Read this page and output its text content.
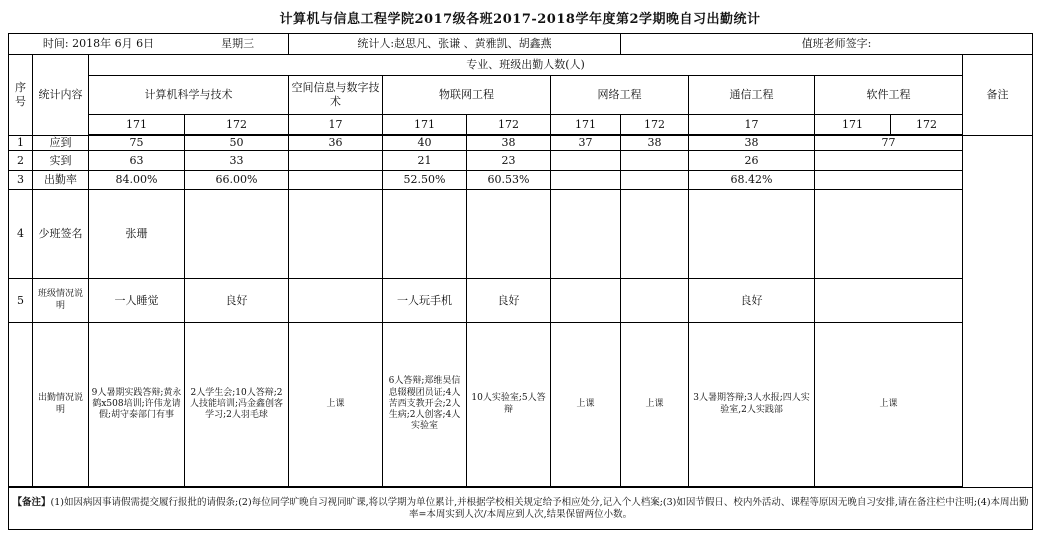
计算机与信息工程学院2017级各班2017-2018学年度第2学期晚自习出勤统计
时间: 2018年 6月 6日 星期三				统计人:赵思凡、张谦 、黄雅凯、胡鑫燕				值班老师签字:				
序号	统计内容	专业、班级出勤人数(人)										备注
		计算机科学与技术		空间信息与数字技术	物联网工程		网络工程		通信工程	软件工程		
		171	172	17	171	172	171	172	17	171	172	

1	应到	75	50	36	40	38	37	38	38	77		
2	实到	63	33		21	23			26			
3	出勤率	84.00%	66.00%		52.50%	60.53%			68.42%			
4	少班签名	张珊										
5	班级情况说明	一人睡觉	良好		一人玩手机	良好			良好			
	出勤情况说明	9人暑期实践答辩;黄永鹤x508培训;许伟龙请假;胡守泰部门有事	2人学生会;10人答辩;2人技能培训;冯金鑫创客学习;2人羽毛球	上课	6人答辩;郑维昊信息辍稷团员证;4人苦西支教开会;2人生病;2人创客;4人实验室	10人实验室;5人答辩	上课	上课	3人暑期答辩;3人水报;四人实验室,2人实践部	上课		

【备注】(1)如因病因事请假需提交履行报批的请假条;(2)每位同学旷晚自习视同旷课,将以学期为单位累计,并根据学校相关规定给予相应处分,记入个人档案;(3)如因节假日、校内外活动、课程等原因无晚自习安排,请在备注栏中注明;(4)本周出勤率=本周实到人次/本周应到人次,结果保留两位小数。												
